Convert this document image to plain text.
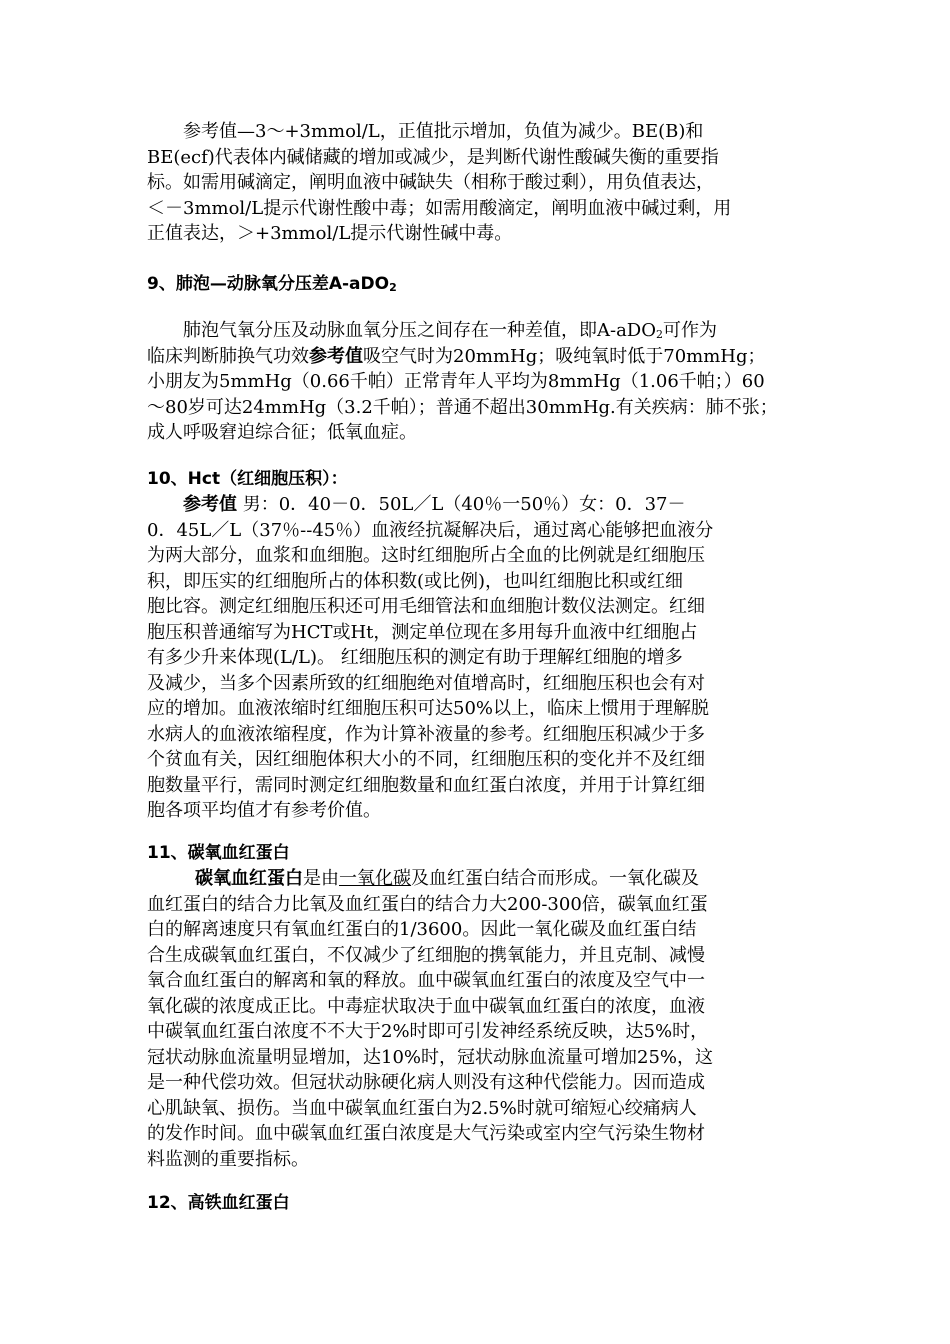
参考值—3～+3mmol/L，正值批示增加，负值为减少。BE(B)和
BE(ecf)代表体内碱储藏的增加或减少，是判断代谢性酸碱失衡的重要指
标。如需用碱滴定，阐明血液中碱缺失（相称于酸过剩），用负值表达，
＜－3mmol/L提示代谢性酸中毒；如需用酸滴定，阐明血液中碱过剩，用
正值表达，＞+3mmol/L提示代谢性碱中毒。
9、肺泡—动脉氧分压差A-aDO$_2$
肺泡气氧分压及动脉血氧分压之间存在一种差值，即A-aDO$_2$可作为
临床判断肺换气功效参考值吸空气时为20mmHg；吸纯氧时低于70mmHg；
小朋友为5mmHg（0.66千帕）正常青年人平均为8mmHg（1.06千帕；）60
～80岁可达24mmHg（3.2千帕）；普通不超出30mmHg.有关疾病：肺不张；
成人呼吸窘迫综合征；低氧血症。
10、Hct（红细胞压积）：
参考值 男：0．40－0．50L／L（40％一50％）女：0．37－
0．45L／L（37％--45％）血液经抗凝解决后，通过离心能够把血液分
为两大部分，血浆和血细胞。这时红细胞所占全血的比例就是红细胞压
积，即压实的红细胞所占的体积数(或比例)，也叫红细胞比积或红细
胞比容。测定红细胞压积还可用毛细管法和血细胞计数仪法测定。红细
胞压积普通缩写为HCT或Ht，测定单位现在多用每升血液中红细胞占
有多少升来体现(L/L)。 红细胞压积的测定有助于理解红细胞的增多
及减少，当多个因素所致的红细胞绝对值增高时，红细胞压积也会有对
应的增加。血液浓缩时红细胞压积可达50%以上，临床上惯用于理解脱
水病人的血液浓缩程度，作为计算补液量的参考。红细胞压积减少于多
个贫血有关，因红细胞体积大小的不同，红细胞压积的变化并不及红细
胞数量平行，需同时测定红细胞数量和血红蛋白浓度，并用于计算红细
胞各项平均值才有参考价值。
11、碳氧血红蛋白
碳氧血红蛋白是由一氧化碳及血红蛋白结合而形成。一氧化碳及
血红蛋白的结合力比氧及血红蛋白的结合力大200-300倍，碳氧血红蛋
白的解离速度只有氧血红蛋白的1/3600。因此一氧化碳及血红蛋白结
合生成碳氧血红蛋白，不仅减少了红细胞的携氧能力，并且克制、减慢
氧合血红蛋白的解离和氧的释放。血中碳氧血红蛋白的浓度及空气中一
氧化碳的浓度成正比。中毒症状取决于血中碳氧血红蛋白的浓度，血液
中碳氧血红蛋白浓度不不大于2%时即可引发神经系统反映，达5%时，
冠状动脉血流量明显增加，达10%时，冠状动脉血流量可增加25%，这
是一种代偿功效。但冠状动脉硬化病人则没有这种代偿能力。因而造成
心肌缺氧、损伤。当血中碳氧血红蛋白为2.5%时就可缩短心绞痛病人
的发作时间。血中碳氧血红蛋白浓度是大气污染或室内空气污染生物材
料监测的重要指标。
12、高铁血红蛋白
